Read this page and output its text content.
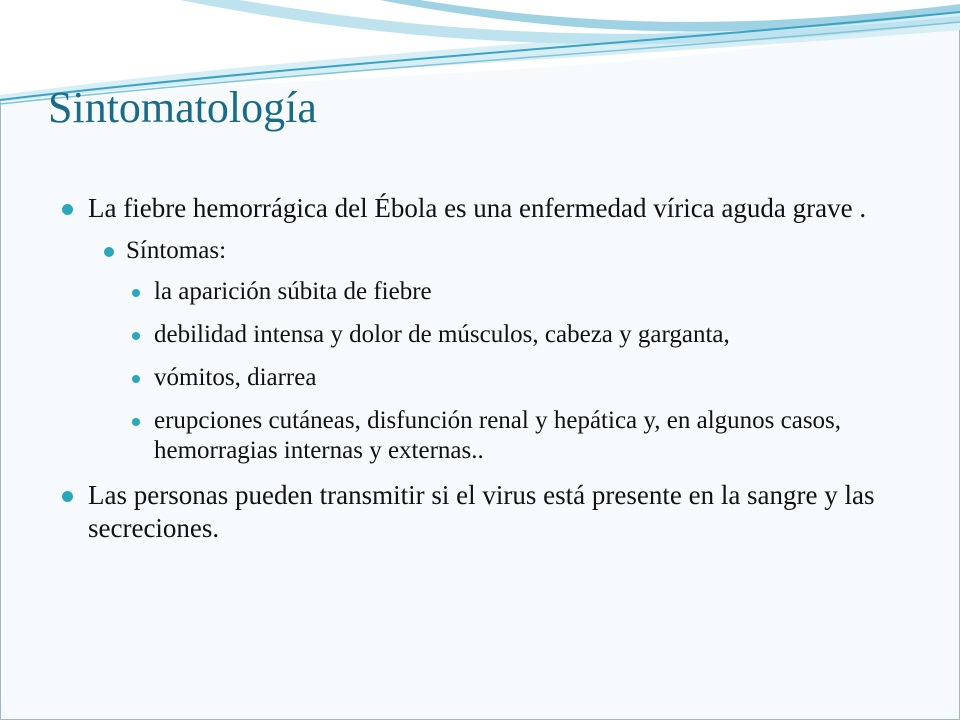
Sintomatología

La fiebre hemorrágica del Ébola es una enfermedad vírica aguda grave .

Síntomas:

la aparición súbita de fiebre

debilidad intensa y dolor de músculos, cabeza y garganta,

vómitos, diarrea

erupciones cutáneas, disfunción renal y hepática y, en algunos casos, hemorragias internas y externas..

Las personas pueden transmitir si el virus está presente en la sangre y las secreciones.
